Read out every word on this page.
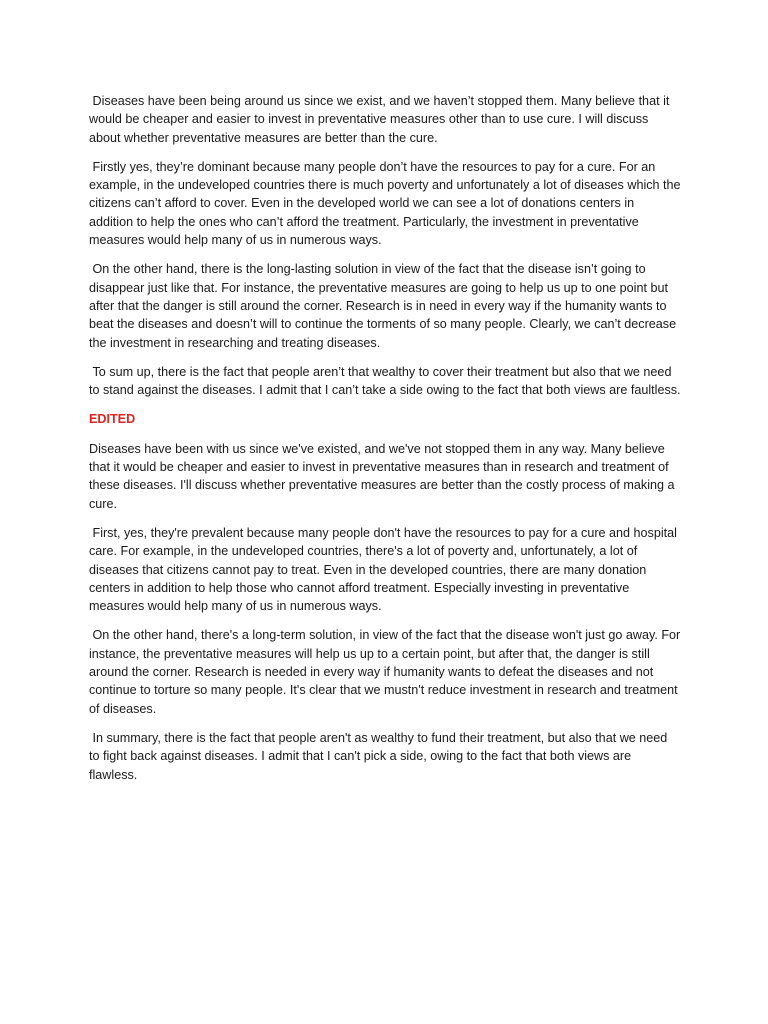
Diseases have been being around us since we exist, and we haven’t stopped them. Many believe that it would be cheaper and easier to invest in preventative measures other than to use cure. I will discuss about whether preventative measures are better than the cure.

Firstly yes, they’re dominant because many people don’t have the resources to pay for a cure. For an example, in the undeveloped countries there is much poverty and unfortunately a lot of diseases which the citizens can’t afford to cover. Even in the developed world we can see a lot of donations centers in addition to help the ones who can’t afford the treatment. Particularly, the investment in preventative measures would help many of us in numerous ways.

On the other hand, there is the long-lasting solution in view of the fact that the disease isn’t going to disappear just like that. For instance, the preventative measures are going to help us up to one point but after that the danger is still around the corner. Research is in need in every way if the humanity wants to beat the diseases and doesn’t will to continue the torments of so many people. Clearly, we can’t decrease the investment in researching and treating diseases.

To sum up, there is the fact that people aren’t that wealthy to cover their treatment but also that we need to stand against the diseases. I admit that I can’t take a side owing to the fact that both views are faultless.

EDITED

Diseases have been with us since we've existed, and we've not stopped them in any way. Many believe that it would be cheaper and easier to invest in preventative measures than in research and treatment of these diseases. I'll discuss whether preventative measures are better than the costly process of making a cure.

First, yes, they're prevalent because many people don't have the resources to pay for a cure and hospital care. For example, in the undeveloped countries, there's a lot of poverty and, unfortunately, a lot of diseases that citizens cannot pay to treat. Even in the developed countries, there are many donation centers in addition to help those who cannot afford treatment. Especially investing in preventative measures would help many of us in numerous ways.

On the other hand, there's a long-term solution, in view of the fact that the disease won't just go away. For instance, the preventative measures will help us up to a certain point, but after that, the danger is still around the corner. Research is needed in every way if humanity wants to defeat the diseases and not continue to torture so many people. It's clear that we mustn't reduce investment in research and treatment of diseases.

In summary, there is the fact that people aren't as wealthy to fund their treatment, but also that we need to fight back against diseases. I admit that I can't pick a side, owing to the fact that both views are flawless.
